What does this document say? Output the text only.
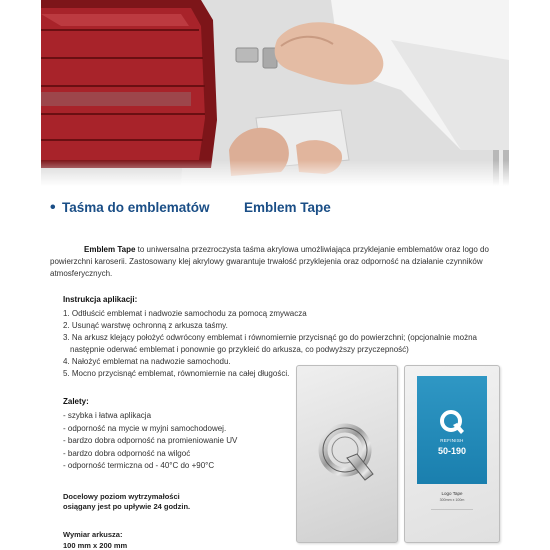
• Taśma do emblematów	Emblem Tape
Emblem Tape to uniwersalna przezroczysta taśma akrylowa umożliwiająca przyklejanie emblematów oraz logo do powierzchni karoserii. Zastosowany klej akrylowy gwarantuje trwałość przyklejenia oraz odporność na działanie czynników atmosferycznych.
Instrukcja aplikacji:
1. Odtłuścić emblemat i nadwozie samochodu za pomocą zmywacza
2. Usunąć warstwę ochronną z arkusza taśmy.
3. Na arkusz klejący położyć odwrócony emblemat i równomiernie przycisnąć go do powierzchni; (opcjonalnie można
następnie oderwać emblemat i ponownie go przykleić do arkusza, co podwyższy przyczepność)
4. Nałożyć emblemat na nadwozie samochodu.
5. Mocno przycisnąć emblemat, równomiernie na całej długości.
Zalety:
- szybka i łatwa aplikacja
- odporność na mycie w myjni samochodowej.
- bardzo dobra odporność na promieniowanie UV
- bardzo dobra odporność na wilgoć
- odporność termiczna od - 40°C do +90°C
Docelowy poziom wytrzymałości
osiągany jest po upływie 24 godzin.
Wymiar arkusza:
100 mm x 200 mm
REFINISH
50-190
Logo Tape
300mm x 100m
